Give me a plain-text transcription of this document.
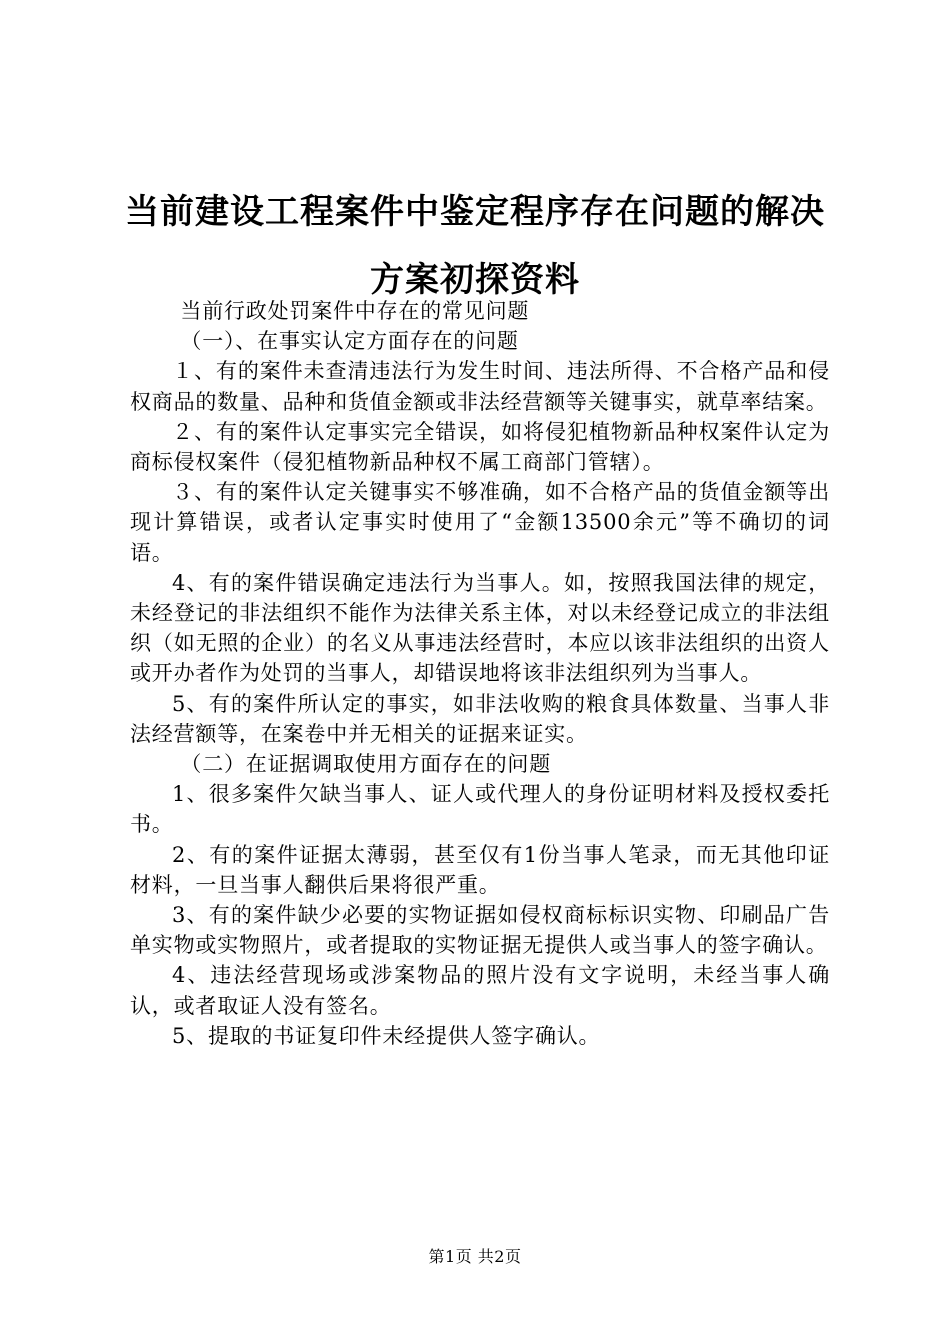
当前建设工程案件中鉴定程序存在问题的解决方案初探资料

当前行政处罚案件中存在的常见问题

（一）、在事实认定方面存在的问题

１、有的案件未查清违法行为发生时间、违法所得、不合格产品和侵权商品的数量、品种和货值金额或非法经营额等关键事实，就草率结案。

２、有的案件认定事实完全错误，如将侵犯植物新品种权案件认定为商标侵权案件（侵犯植物新品种权不属工商部门管辖）。

３、有的案件认定关键事实不够准确，如不合格产品的货值金额等出现计算错误，或者认定事实时使用了“金额13500余元”等不确切的词语。

4、有的案件错误确定违法行为当事人。如，按照我国法律的规定，未经登记的非法组织不能作为法律关系主体，对以未经登记成立的非法组织（如无照的企业）的名义从事违法经营时，本应以该非法组织的出资人或开办者作为处罚的当事人，却错误地将该非法组织列为当事人。

5、有的案件所认定的事实，如非法收购的粮食具体数量、当事人非法经营额等，在案卷中并无相关的证据来证实。

（二）在证据调取使用方面存在的问题

1、很多案件欠缺当事人、证人或代理人的身份证明材料及授权委托书。

2、有的案件证据太薄弱，甚至仅有1份当事人笔录，而无其他印证材料，一旦当事人翻供后果将很严重。

3、有的案件缺少必要的实物证据如侵权商标标识实物、印刷品广告单实物或实物照片，或者提取的实物证据无提供人或当事人的签字确认。

4、违法经营现场或涉案物品的照片没有文字说明，未经当事人确认，或者取证人没有签名。

5、提取的书证复印件未经提供人签字确认。

第1页 共2页
